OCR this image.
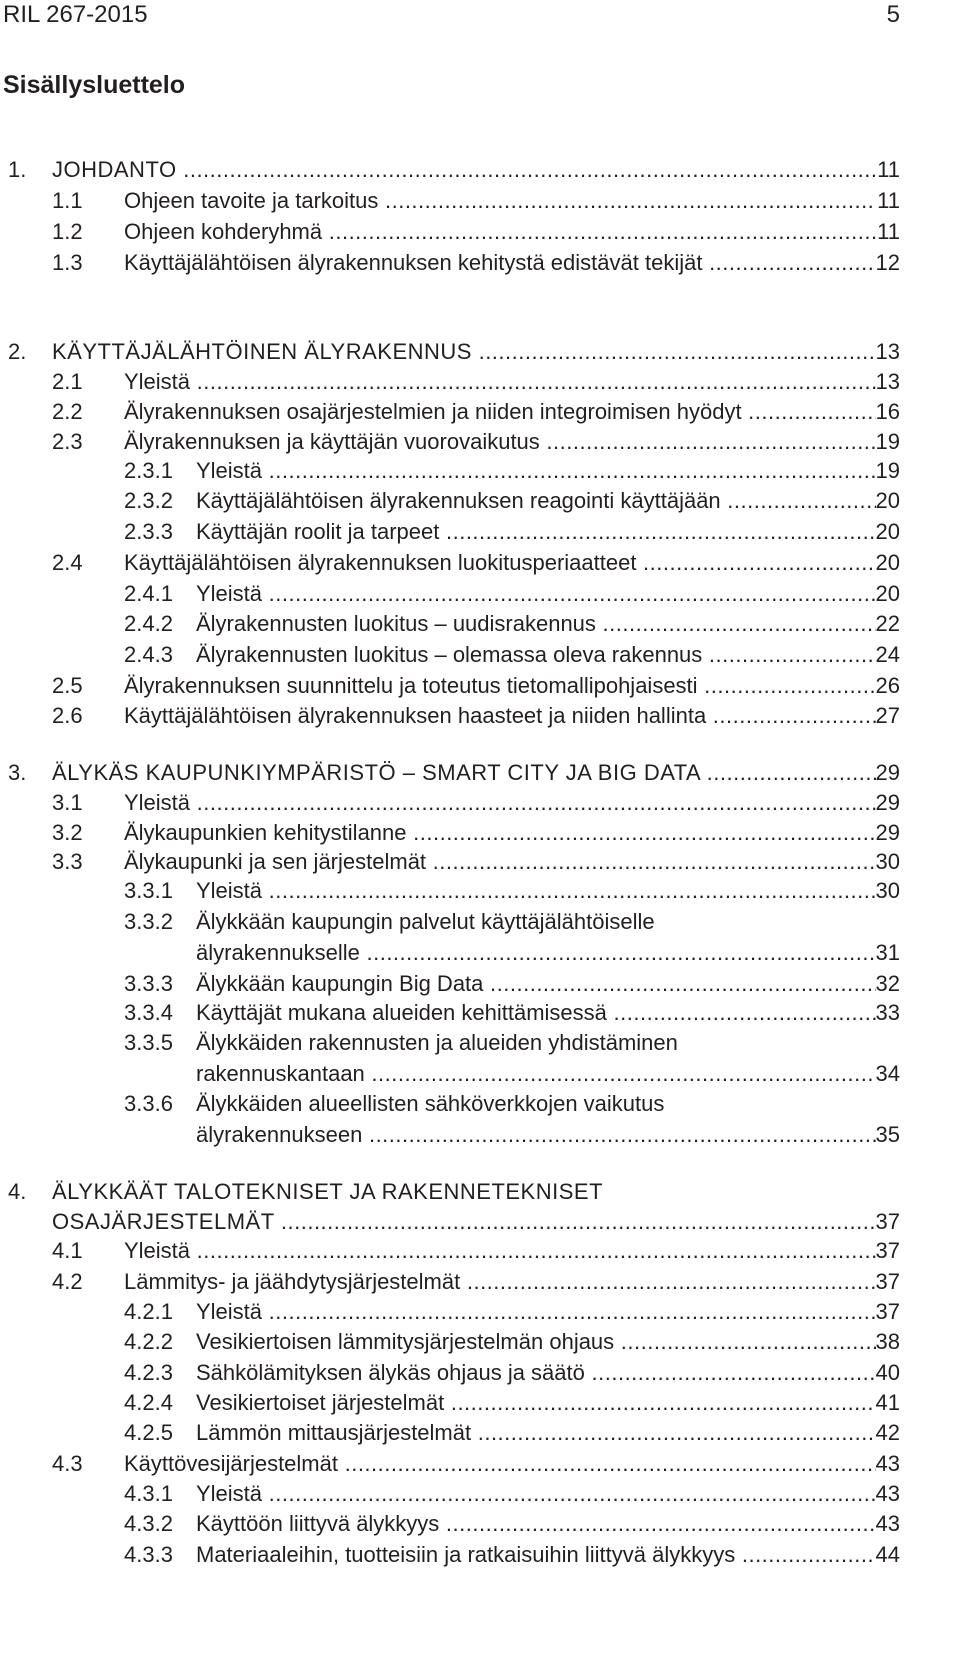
RIL 267-2015	5
Sisällysluettelo
1. JOHDANTO .....	11
1.1 Ohjeen tavoite ja tarkoitus .....	11
1.2 Ohjeen kohderyhmä .....	11
1.3 Käyttäjälähtöisen älyrakennuksen kehitystä edistävät tekijät .....	12
2. KÄYTTÄJÄLÄHTÖINEN ÄLYRAKENNUS .....	13
2.1 Yleistä .....	13
2.2 Älyrakennuksen osajärjestelmien ja niiden integroimisen hyödyt .....	16
2.3 Älyrakennuksen ja käyttäjän vuorovaikutus .....	19
2.3.1 Yleistä .....	19
2.3.2 Käyttäjälähtöisen älyrakennuksen reagointi käyttäjään .....	20
2.3.3 Käyttäjän roolit ja tarpeet .....	20
2.4 Käyttäjälähtöisen älyrakennuksen luokitusperiaatteet .....	20
2.4.1 Yleistä .....	20
2.4.2 Älyrakennusten luokitus – uudisrakennus .....	22
2.4.3 Älyrakennusten luokitus – olemassa oleva rakennus .....	24
2.5 Älyrakennuksen suunnittelu ja toteutus tietomallipohjaisesti .....	26
2.6 Käyttäjälähtöisen älyrakennuksen haasteet ja niiden hallinta .....	27
3. ÄLYKÄS KAUPUNKIYMPÄRISTÖ – SMART CITY JA BIG DATA .....	29
3.1 Yleistä .....	29
3.2 Älykaupunkien kehitystilanne .....	29
3.3 Älykaupunki ja sen järjestelmät .....	30
3.3.1 Yleistä .....	30
3.3.2 Älykkään kaupungin palvelut käyttäjälähtöiselle
älyrakennukselle .....	31
3.3.3 Älykkään kaupungin Big Data .....	32
3.3.4 Käyttäjät mukana alueiden kehittämisessä .....	33
3.3.5 Älykkäiden rakennusten ja alueiden yhdistäminen
rakennuskantaan .....	34
3.3.6 Älykkäiden alueellisten sähköverkkojen vaikutus
älyrakennukseen .....	35
4. ÄLYKKÄÄT TALOTEKNISET JA RAKENNETEKNISET
OSAJÄRJESTELMÄT .....	37
4.1 Yleistä .....	37
4.2 Lämmitys- ja jäähdytysjärjestelmät .....	37
4.2.1 Yleistä .....	37
4.2.2 Vesikiertoisen lämmitysjärjestelmän ohjaus .....	38
4.2.3 Sähkölämityksen älykäs ohjaus ja säätö .....	40
4.2.4 Vesikiertoiset järjestelmät .....	41
4.2.5 Lämmön mittausjärjestelmät .....	42
4.3 Käyttövesijärjestelmät .....	43
4.3.1 Yleistä .....	43
4.3.2 Käyttöön liittyvä älykkyys .....	43
4.3.3 Materiaaleihin, tuotteisiin ja ratkaisuihin liittyvä älykkyys .....	44
